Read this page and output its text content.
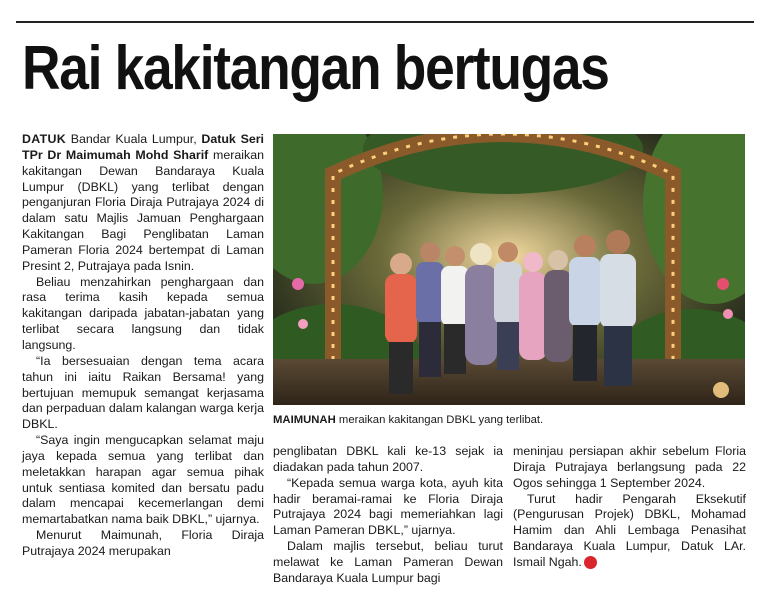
Rai kakitangan bertugas

DATUK Bandar Kuala Lumpur, Datuk Seri TPr Dr Maimumah Mohd Sharif meraikan kakitangan Dewan Bandaraya Kuala Lumpur (DBKL) yang terlibat dengan penganjuran Floria Diraja Putrajaya 2024 di dalam satu Majlis Jamuan Penghargaan Kakitangan Bagi Penglibatan Laman Pameran Floria 2024 bertempat di Laman Presint 2, Putrajaya pada Isnin.

Beliau menzahirkan penghargaan dan rasa terima kasih kepada semua kakitangan daripada jabatan-jabatan yang terlibat secara langsung dan tidak langsung.

“Ia bersesuaian dengan tema acara tahun ini iaitu Raikan Bersama! yang bertujuan memupuk semangat kerjasama dan perpaduan dalam kalangan warga kerja DBKL.

“Saya ingin mengucapkan selamat maju jaya kepada semua yang terlibat dan meletakkan harapan agar semua pihak untuk sentiasa komited dan bersatu padu dalam mencapai kecemerlangan demi memartabatkan nama baik DBKL,” ujarnya.

Menurut Maimunah, Floria Diraja Putrajaya 2024 merupakan

MAIMUNAH meraikan kakitangan DBKL yang terlibat.

penglibatan DBKL kali ke-13 sejak ia diadakan pada tahun 2007.

“Kepada semua warga kota, ayuh kita hadir beramai-ramai ke Floria Diraja Putrajaya 2024 bagi memeriahkan lagi Laman Pameran DBKL,” ujarnya.

Dalam majlis tersebut, beliau turut melawat ke Laman Pameran Dewan Bandaraya Kuala Lumpur bagi

meninjau persiapan akhir sebelum Floria Diraja Putrajaya berlangsung pada 22 Ogos sehingga 1 September 2024.

Turut hadir Pengarah Eksekutif (Pengurusan Projek) DBKL, Mohamad Hamim dan Ahli Lembaga Penasihat Bandaraya Kuala Lumpur, Datuk LAr. Ismail Ngah. 17
